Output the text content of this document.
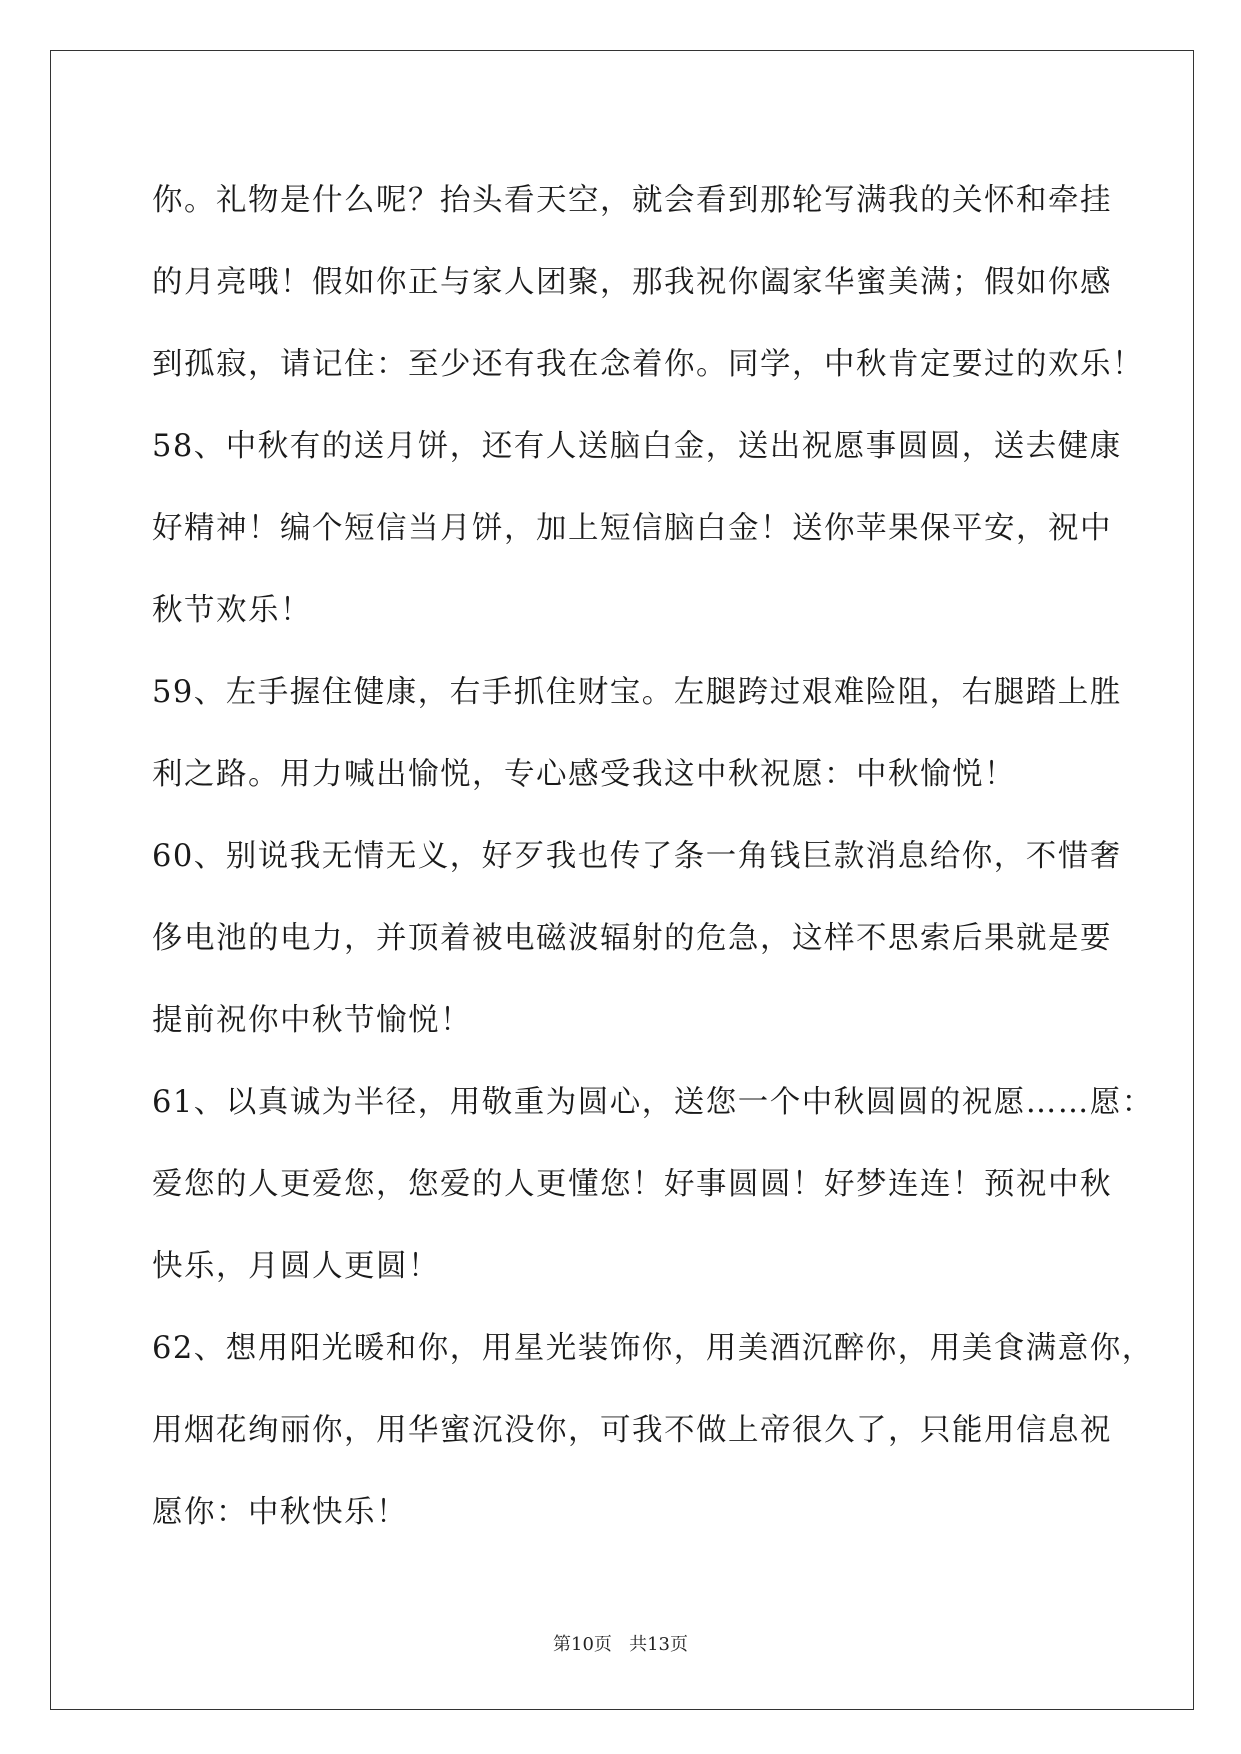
你。礼物是什么呢？抬头看天空，就会看到那轮写满我的关怀和牵挂
的月亮哦！假如你正与家人团聚，那我祝你阖家华蜜美满；假如你感
到孤寂，请记住：至少还有我在念着你。同学，中秋肯定要过的欢乐！
58、中秋有的送月饼，还有人送脑白金，送出祝愿事圆圆，送去健康
好精神！编个短信当月饼，加上短信脑白金！送你苹果保平安，祝中
秋节欢乐！
59、左手握住健康，右手抓住财宝。左腿跨过艰难险阻，右腿踏上胜
利之路。用力喊出愉悦，专心感受我这中秋祝愿：中秋愉悦！
60、别说我无情无义，好歹我也传了条一角钱巨款消息给你，不惜奢
侈电池的电力，并顶着被电磁波辐射的危急，这样不思索后果就是要
提前祝你中秋节愉悦！
61、以真诚为半径，用敬重为圆心，送您一个中秋圆圆的祝愿……愿：
爱您的人更爱您，您爱的人更懂您！好事圆圆！好梦连连！预祝中秋
快乐，月圆人更圆！
62、想用阳光暖和你，用星光装饰你，用美酒沉醉你，用美食满意你，
用烟花绚丽你，用华蜜沉没你，可我不做上帝很久了，只能用信息祝
愿你：中秋快乐！
第10页   共13页
